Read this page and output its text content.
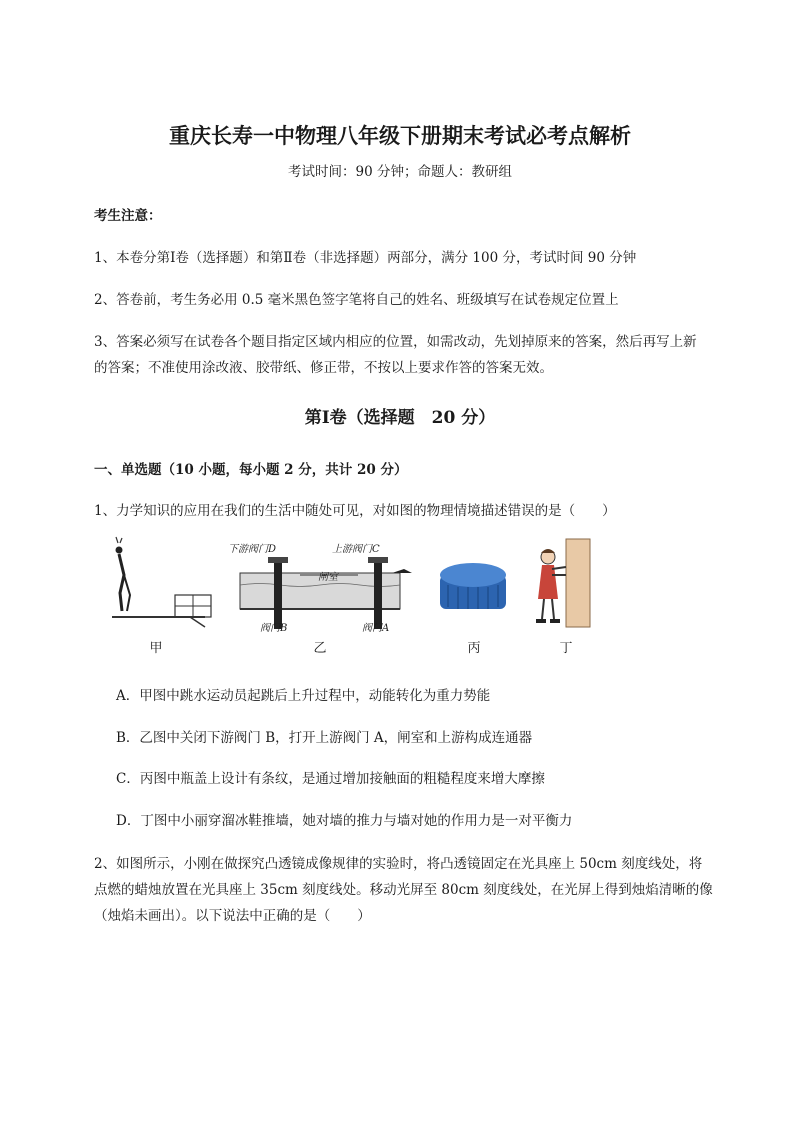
重庆长寿一中物理八年级下册期末考试必考点解析
考试时间：90 分钟；命题人：教研组
考生注意：
1、本卷分第Ⅰ卷（选择题）和第Ⅱ卷（非选择题）两部分，满分 100 分，考试时间 90 分钟
2、答卷前，考生务必用 0.5 毫米黑色签字笔将自己的姓名、班级填写在试卷规定位置上
3、答案必须写在试卷各个题目指定区域内相应的位置，如需改动，先划掉原来的答案，然后再写上新
的答案；不准使用涂改液、胶带纸、修正带，不按以上要求作答的答案无效。
第Ⅰ卷（选择题　20 分）
一、单选题（10 小题，每小题 2 分，共计 20 分）
1、力学知识的应用在我们的生活中随处可见，对如图的物理情境描述错误的是（　　）
下游阀门D	上游阀门C
闸室
阀门B	阀门A
甲	乙	丙	丁
A．甲图中跳水运动员起跳后上升过程中，动能转化为重力势能
B．乙图中关闭下游阀门 B，打开上游阀门 A，闸室和上游构成连通器
C．丙图中瓶盖上设计有条纹，是通过增加接触面的粗糙程度来增大摩擦
D．丁图中小丽穿溜冰鞋推墙，她对墙的推力与墙对她的作用力是一对平衡力
2、如图所示，小刚在做探究凸透镜成像规律的实验时，将凸透镜固定在光具座上 50cm 刻度线处，将
点燃的蜡烛放置在光具座上 35cm 刻度线处。移动光屏至 80cm 刻度线处，在光屏上得到烛焰清晰的像
（烛焰未画出）。以下说法中正确的是（　　）
